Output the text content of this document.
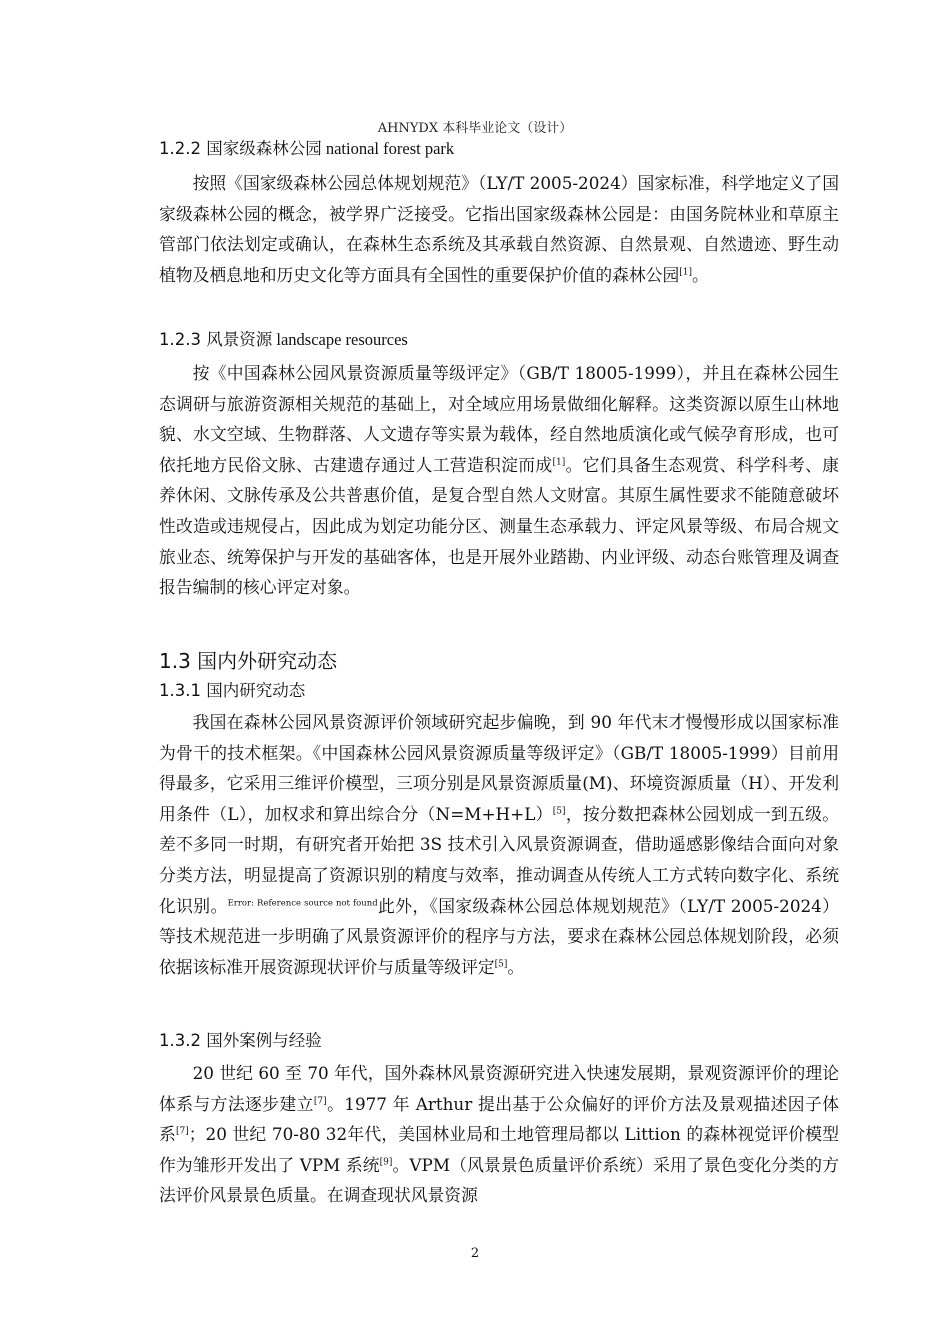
AHNYDX 本科毕业论文（设计）

1.2.2 国家级森林公园 national forest park

按照《国家级森林公园总体规划规范》（LY/T 2005-2024）国家标准，科学地定义了国家级森林公园的概念，被学界广泛接受。它指出国家级森林公园是：由国务院林业和草原主管部门依法划定或确认，在森林生态系统及其承载自然资源、自然景观、自然遗迹、野生动植物及栖息地和历史文化等方面具有全国性的重要保护价值的森林公园[1]。

1.2.3 风景资源 landscape resources

按《中国森林公园风景资源质量等级评定》（GB/T 18005-1999），并且在森林公园生态调研与旅游资源相关规范的基础上，对全域应用场景做细化解释。这类资源以原生山林地貌、水文空域、生物群落、人文遗存等实景为载体，经自然地质演化或气候孕育形成，也可依托地方民俗文脉、古建遗存通过人工营造积淀而成[1]。它们具备生态观赏、科学科考、康养休闲、文脉传承及公共普惠价值，是复合型自然人文财富。其原生属性要求不能随意破坏性改造或违规侵占，因此成为划定功能分区、测量生态承载力、评定风景等级、布局合规文旅业态、统筹保护与开发的基础客体，也是开展外业踏勘、内业评级、动态台账管理及调查报告编制的核心评定对象。

1.3 国内外研究动态

1.3.1 国内研究动态

我国在森林公园风景资源评价领域研究起步偏晚，到 90 年代末才慢慢形成以国家标准为骨干的技术框架。《中国森林公园风景资源质量等级评定》（GB/T 18005-1999）目前用得最多，它采用三维评价模型，三项分别是风景资源质量(M)、环境资源质量（H）、开发利用条件（L），加权求和算出综合分（N=M+H+L）[5]，按分数把森林公园划成一到五级。差不多同一时期，有研究者开始把 3S 技术引入风景资源调查，借助遥感影像结合面向对象分类方法，明显提高了资源识别的精度与效率，推动调查从传统人工方式转向数字化、系统化识别。$^{Error: Reference source not found}$此外，《国家级森林公园总体规划规范》（LY/T 2005-2024）等技术规范进一步明确了风景资源评价的程序与方法，要求在森林公园总体规划阶段，必须依据该标准开展资源现状评价与质量等级评定[5]。

1.3.2 国外案例与经验

20 世纪 60 至 70 年代，国外森林风景资源研究进入快速发展期，景观资源评价的理论体系与方法逐步建立[7]。1977 年 Arthur 提出基于公众偏好的评价方法及景观描述因子体系[7]；20 世纪 70-80 32年代，美国林业局和土地管理局都以 Littion 的森林视觉评价模型作为雏形开发出了 VPM 系统[9]。VPM（风景景色质量评价系统）采用了景色变化分类的方法评价风景景色质量。在调查现状风景资源

2
